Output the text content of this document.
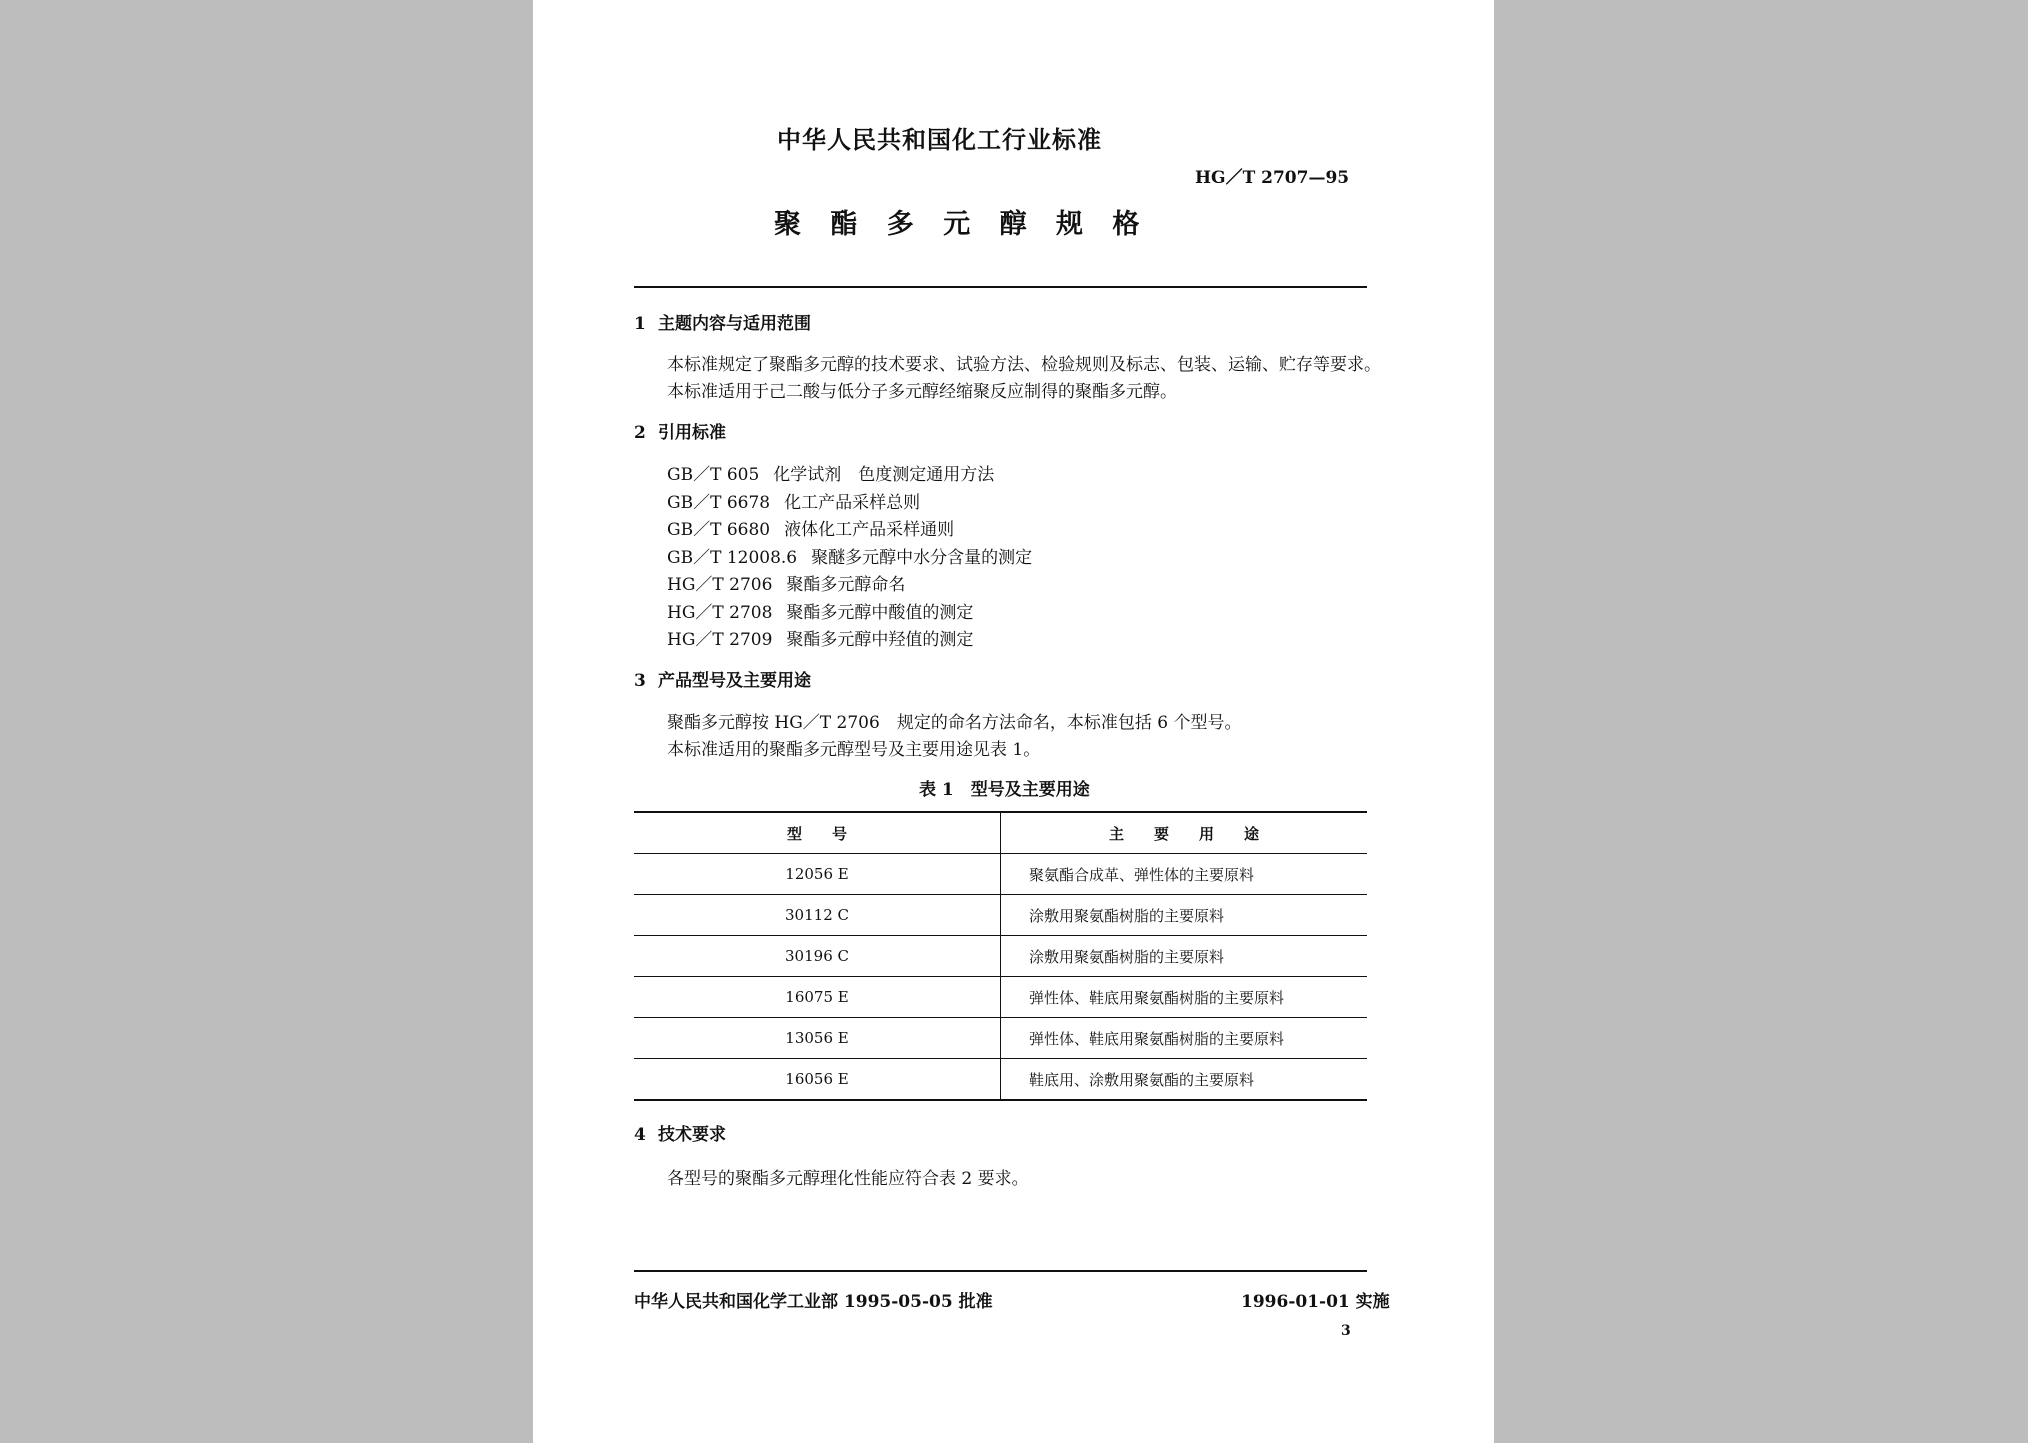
中华人民共和国化工行业标准
HG／T 2707—95
聚 酯 多 元 醇 规 格
1 主题内容与适用范围
本标准规定了聚酯多元醇的技术要求、试验方法、检验规则及标志、包装、运输、贮存等要求。
本标准适用于己二酸与低分子多元醇经缩聚反应制得的聚酯多元醇。
2 引用标准
GB／T 605 化学试剂　色度测定通用方法
GB／T 6678 化工产品采样总则
GB／T 6680 液体化工产品采样通则
GB／T 12008.6 聚醚多元醇中水分含量的测定
HG／T 2706 聚酯多元醇命名
HG／T 2708 聚酯多元醇中酸值的测定
HG／T 2709 聚酯多元醇中羟值的测定
3 产品型号及主要用途
聚酯多元醇按 HG／T 2706　规定的命名方法命名，本标准包括 6 个型号。
本标准适用的聚酯多元醇型号及主要用途见表 1。
表 1　型号及主要用途
型　　号	主　　要　　用　　途
12056 E	聚氨酯合成革、弹性体的主要原料
30112 C	涂敷用聚氨酯树脂的主要原料
30196 C	涂敷用聚氨酯树脂的主要原料
16075 E	弹性体、鞋底用聚氨酯树脂的主要原料
13056 E	弹性体、鞋底用聚氨酯树脂的主要原料
16056 E	鞋底用、涂敷用聚氨酯的主要原料
4 技术要求
各型号的聚酯多元醇理化性能应符合表 2 要求。
中华人民共和国化学工业部 1995-05-05 批准	1996-01-01 实施
3
